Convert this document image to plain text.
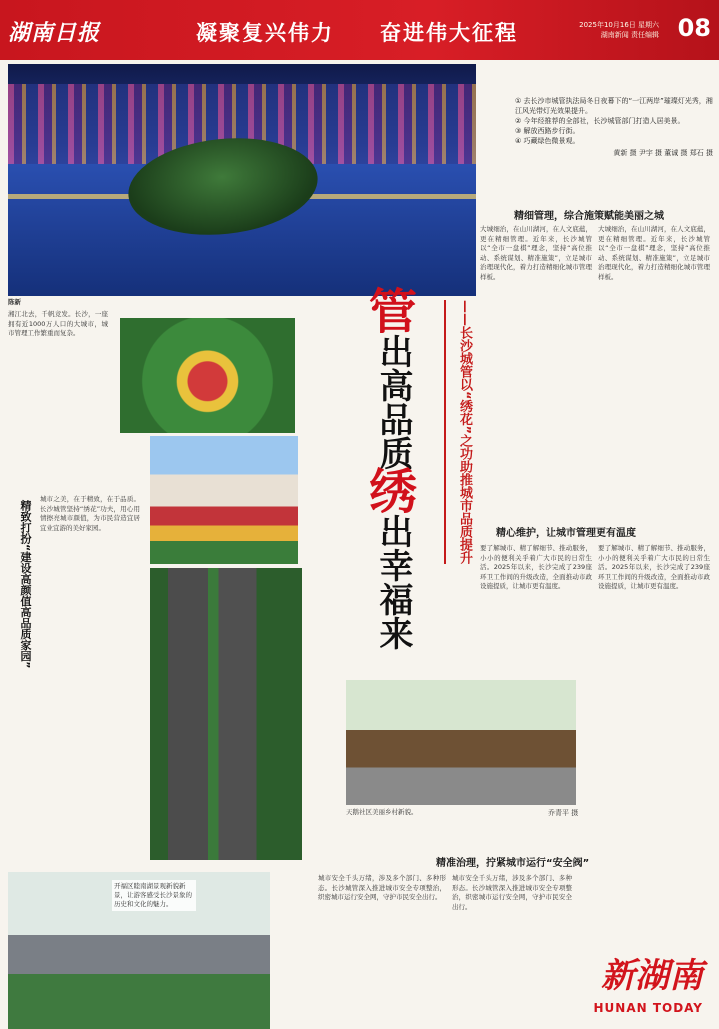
湖南日报	凝聚复兴伟力 奋进伟大征程	2025年10月16日 星期六
湖南新闻 责任编辑 08
① 去长沙市城管执法局冬日夜幕下的“一江两岸”璀璨灯光秀，湘江风光带灯光效果提升。
② 今年经推荐的全部社，长沙城管部门打造人居美景。
③ 解放西路步行街。
④ 巧藏绿色微景观。
黄新 摄 尹宇 摄 董诚 摄 郑石 摄
管
出高品质
绣
出幸福来
——长沙城管以“绣花”之功助推城市品质提升
陈新
湘江北去，千帆竞发。长沙，一座拥有近1000万人口的大城市，城市管理工作繁重而复杂。
精致打扮“建设高颜值高品质家园”
城市之美，在于精致，在于品质。长沙城管坚持“绣花”功夫，用心用情擦亮城市颜值，为市民营造宜居宜业宜游的美好家园。
精细管理，综合施策赋能美丽之城
大城细治，在山川湖河，在人文底蕴，更在精细管理。近年来，长沙城管以“全市一盘棋”理念，坚持“高位推动、系统谋划、精准施策”，立足城市治理现代化，着力打造精细化城市管理样板。
大城细治，在山川湖河，在人文底蕴，更在精细管理。近年来，长沙城管以“全市一盘棋”理念，坚持“高位推动、系统谋划、精准施策”，立足城市治理现代化，着力打造精细化城市管理样板。
精心维护，让城市管理更有温度
要了解城市、精了解细节、推动服务，小小的便利关乎着广大市民的日常生活。2025年以来，长沙完成了239座环卫工作间的升级改造，全面推动市政设施提质，让城市更有温度。
要了解城市、精了解细节、推动服务，小小的便利关乎着广大市民的日常生活。2025年以来，长沙完成了239座环卫工作间的升级改造，全面推动市政设施提质，让城市更有温度。
天鹅社区美丽乡村新貌。	乔青平 摄
精准治理，拧紧城市运行“安全阀”
城市安全千头万绪，涉及多个部门、多种形态。长沙城管深入推进城市安全专项整治，织密城市运行安全网，守护市民安全出行。
城市安全千头万绪，涉及多个部门、多种形态。长沙城管深入推进城市安全专项整治，织密城市运行安全网，守护市民安全出行。
开福区睦南湖景观新貌新景，让游客感受长沙景象的历史和文化的魅力。
新湖南
HUNAN TODAY
